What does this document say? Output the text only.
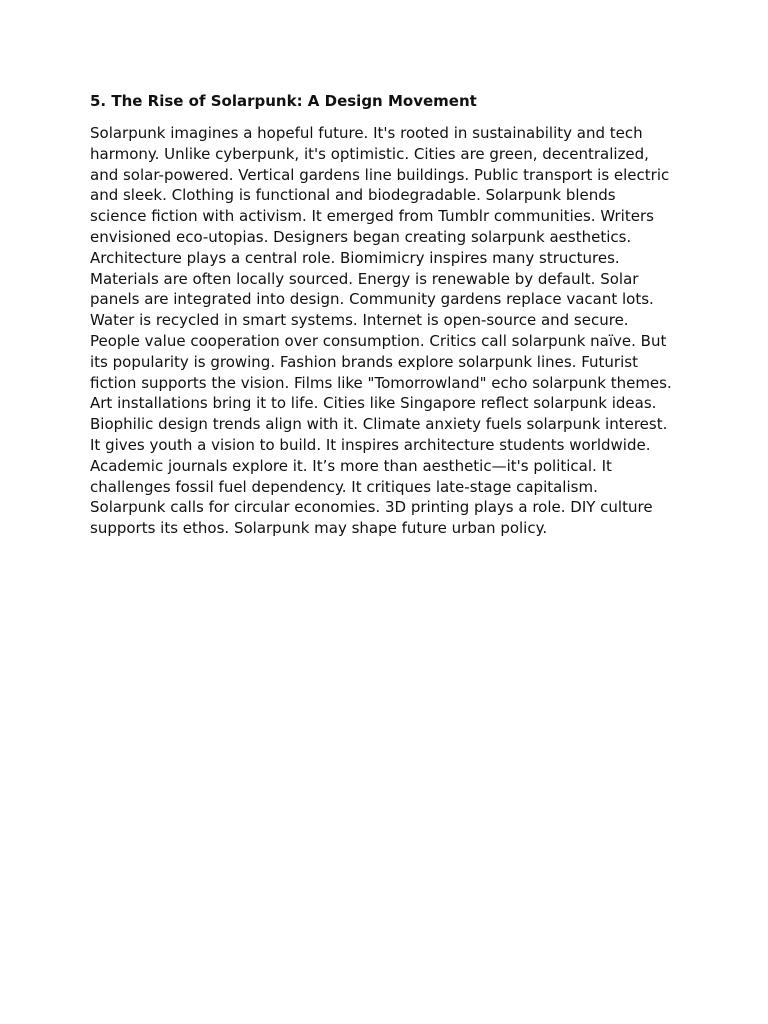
5. The Rise of Solarpunk: A Design Movement

Solarpunk imagines a hopeful future. It's rooted in sustainability and tech
harmony. Unlike cyberpunk, it's optimistic. Cities are green, decentralized,
and solar-powered. Vertical gardens line buildings. Public transport is electric
and sleek. Clothing is functional and biodegradable. Solarpunk blends
science fiction with activism. It emerged from Tumblr communities. Writers
envisioned eco-utopias. Designers began creating solarpunk aesthetics.
Architecture plays a central role. Biomimicry inspires many structures.
Materials are often locally sourced. Energy is renewable by default. Solar
panels are integrated into design. Community gardens replace vacant lots.
Water is recycled in smart systems. Internet is open-source and secure.
People value cooperation over consumption. Critics call solarpunk naïve. But
its popularity is growing. Fashion brands explore solarpunk lines. Futurist
fiction supports the vision. Films like "Tomorrowland" echo solarpunk themes.
Art installations bring it to life. Cities like Singapore reflect solarpunk ideas.
Biophilic design trends align with it. Climate anxiety fuels solarpunk interest.
It gives youth a vision to build. It inspires architecture students worldwide.
Academic journals explore it. It’s more than aesthetic—it's political. It
challenges fossil fuel dependency. It critiques late-stage capitalism.
Solarpunk calls for circular economies. 3D printing plays a role. DIY culture
supports its ethos. Solarpunk may shape future urban policy.
